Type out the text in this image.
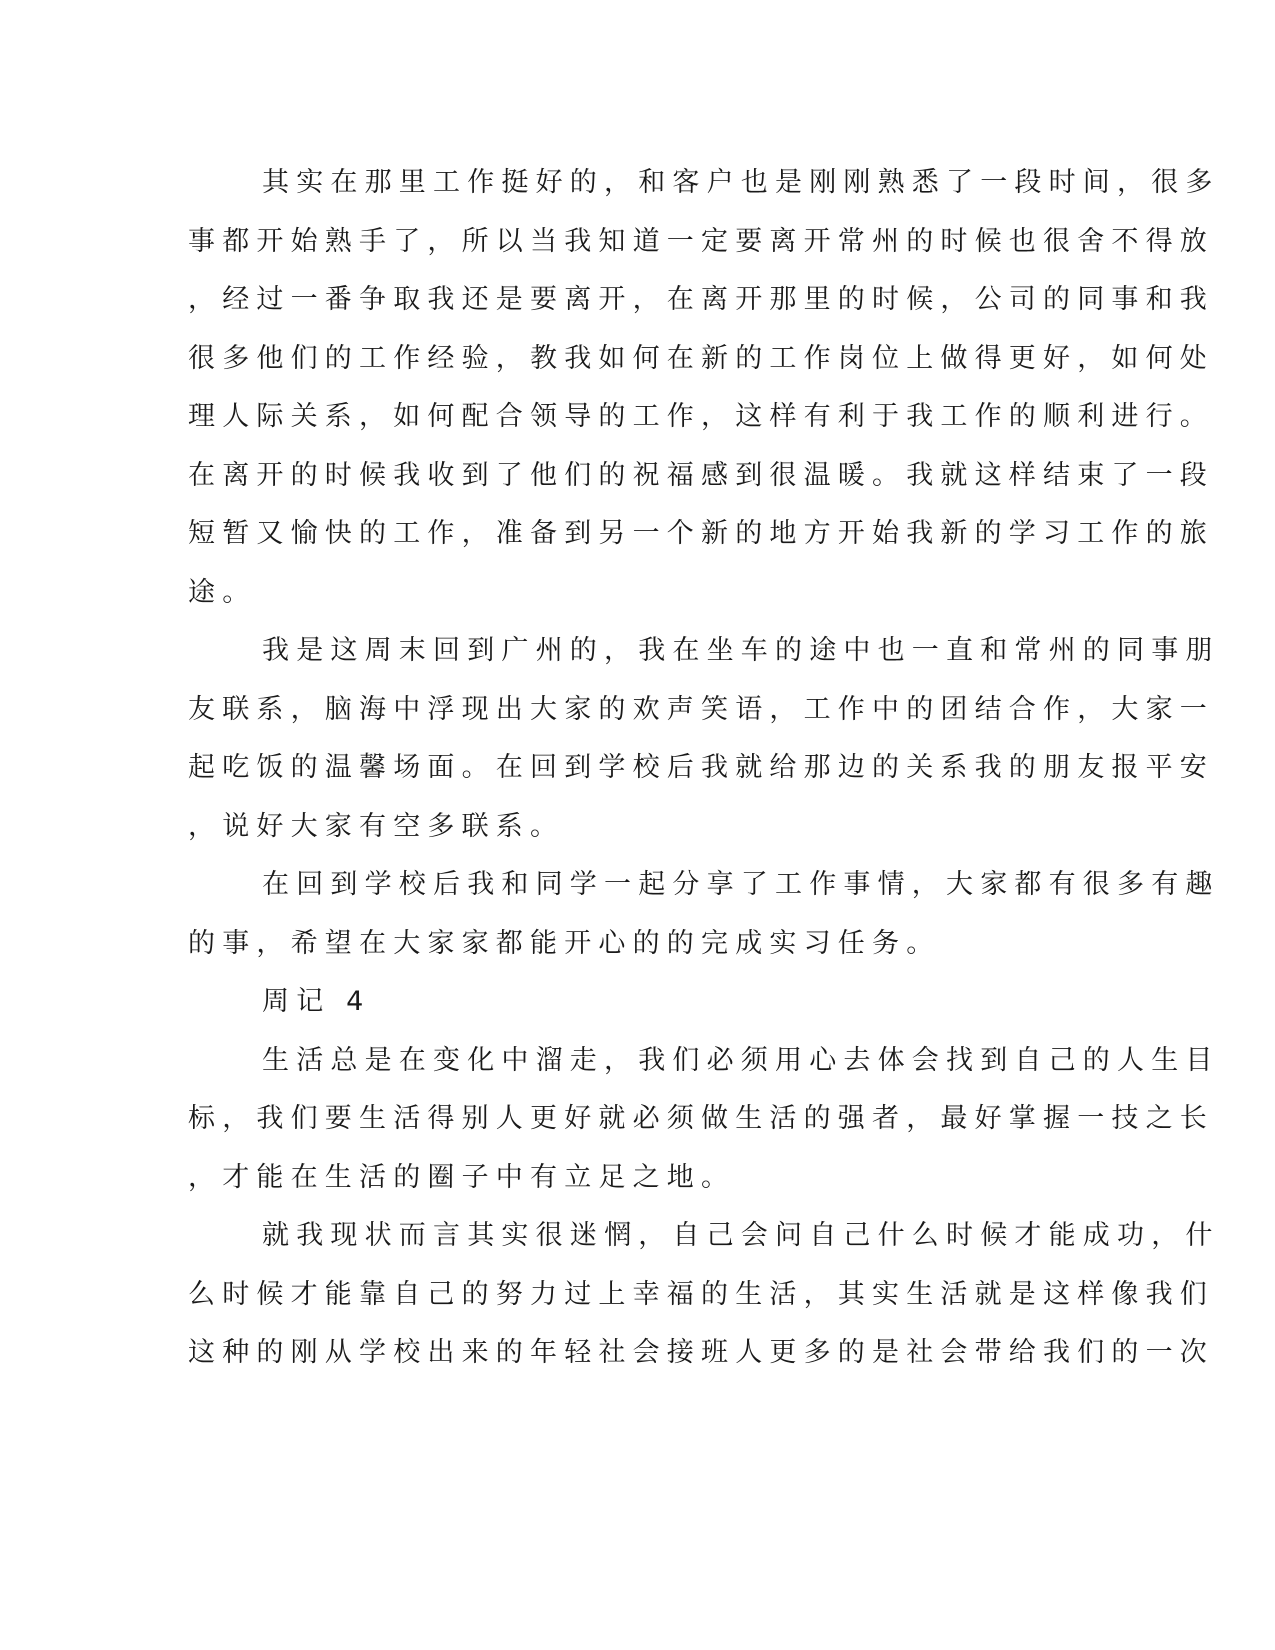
其实在那里工作挺好的，和客户也是刚刚熟悉了一段时间，很多
事都开始熟手了，所以当我知道一定要离开常州的时候也很舍不得放
，经过一番争取我还是要离开，在离开那里的时候，公司的同事和我
很多他们的工作经验，教我如何在新的工作岗位上做得更好，如何处
理人际关系，如何配合领导的工作，这样有利于我工作的顺利进行。
在离开的时候我收到了他们的祝福感到很温暖。我就这样结束了一段
短暂又愉快的工作，准备到另一个新的地方开始我新的学习工作的旅
途。
我是这周末回到广州的，我在坐车的途中也一直和常州的同事朋
友联系，脑海中浮现出大家的欢声笑语，工作中的团结合作，大家一
起吃饭的温馨场面。在回到学校后我就给那边的关系我的朋友报平安
，说好大家有空多联系。
在回到学校后我和同学一起分享了工作事情，大家都有很多有趣
的事，希望在大家家都能开心的的完成实习任务。
周记 4
生活总是在变化中溜走，我们必须用心去体会找到自己的人生目
标，我们要生活得别人更好就必须做生活的强者，最好掌握一技之长
，才能在生活的圈子中有立足之地。
就我现状而言其实很迷惘，自己会问自己什么时候才能成功，什
么时候才能靠自己的努力过上幸福的生活，其实生活就是这样像我们
这种的刚从学校出来的年轻社会接班人更多的是社会带给我们的一次
